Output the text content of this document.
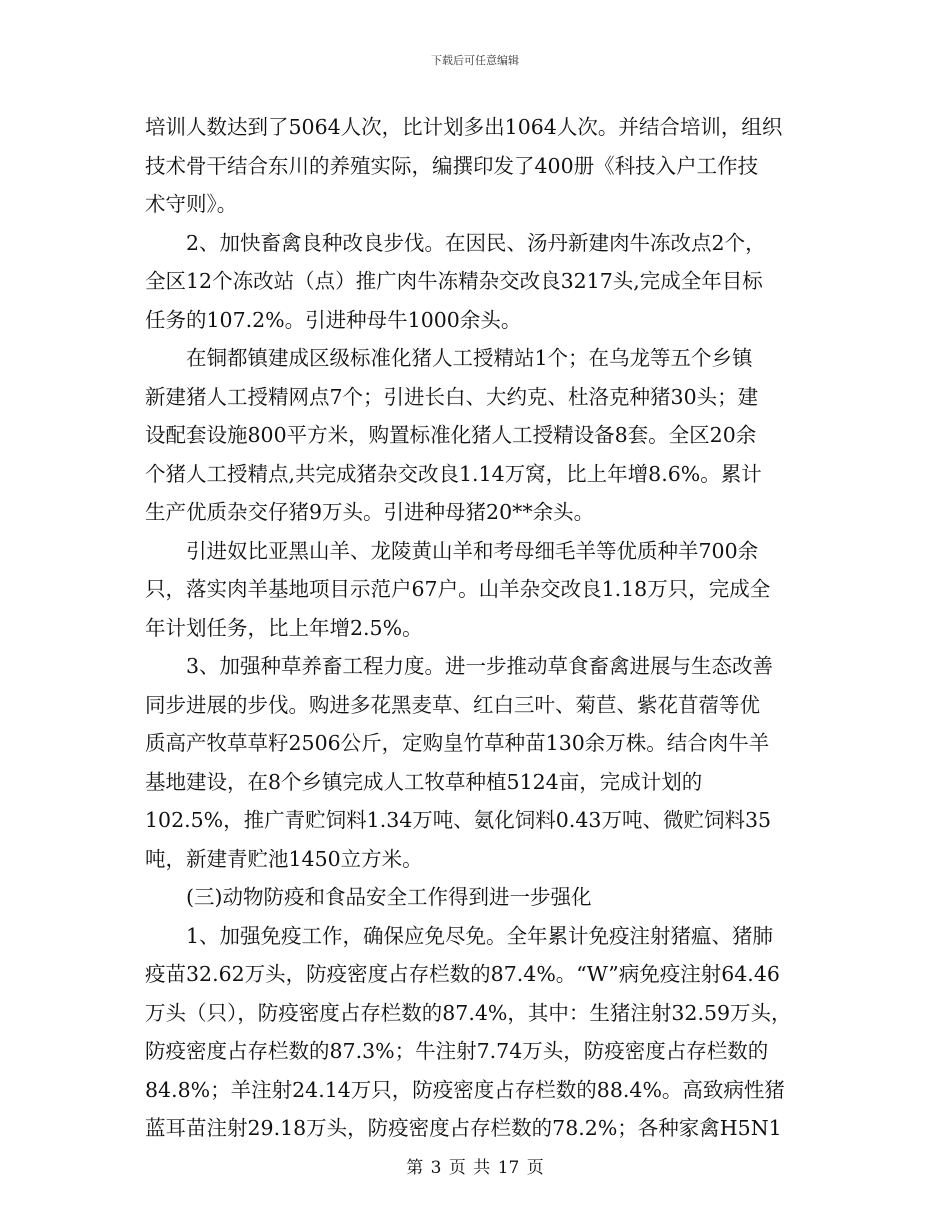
下载后可任意编辑
培训人数达到了5064人次，比计划多出1064人次。并结合培训，组织
技术骨干结合东川的养殖实际，编撰印发了400册《科技入户工作技
术守则》。
　　2、加快畜禽良种改良步伐。在因民、汤丹新建肉牛冻改点2个，
全区12个冻改站（点）推广肉牛冻精杂交改良3217头,完成全年目标
任务的107.2%。引进种母牛1000余头。
　　在铜都镇建成区级标准化猪人工授精站1个；在乌龙等五个乡镇
新建猪人工授精网点7个；引进长白、大约克、杜洛克种猪30头；建
设配套设施800平方米，购置标准化猪人工授精设备8套。全区20余
个猪人工授精点,共完成猪杂交改良1.14万窝，比上年增8.6%。累计
生产优质杂交仔猪9万头。引进种母猪20**余头。
　　引进奴比亚黑山羊、龙陵黄山羊和考母细毛羊等优质种羊700余
只，落实肉羊基地项目示范户67户。山羊杂交改良1.18万只，完成全
年计划任务，比上年增2.5%。
　　3、加强种草养畜工程力度。进一步推动草食畜禽进展与生态改善
同步进展的步伐。购进多花黑麦草、红白三叶、菊苣、紫花苜蓿等优
质高产牧草草籽2506公斤，定购皇竹草种苗130余万株。结合肉牛羊
基地建设，在8个乡镇完成人工牧草种植5124亩，完成计划的
102.5%，推广青贮饲料1.34万吨、氨化饲料0.43万吨、微贮饲料35
吨，新建青贮池1450立方米。
　　(三)动物防疫和食品安全工作得到进一步强化
　　1、加强免疫工作，确保应免尽免。全年累计免疫注射猪瘟、猪肺
疫苗32.62万头，防疫密度占存栏数的87.4%。“W”病免疫注射64.46
万头（只），防疫密度占存栏数的87.4%，其中：生猪注射32.59万头，
防疫密度占存栏数的87.3%；牛注射7.74万头，防疫密度占存栏数的
84.8%；羊注射24.14万只，防疫密度占存栏数的88.4%。高致病性猪
蓝耳苗注射29.18万头，防疫密度占存栏数的78.2%；各种家禽H5N1
第 3 页 共 17 页
